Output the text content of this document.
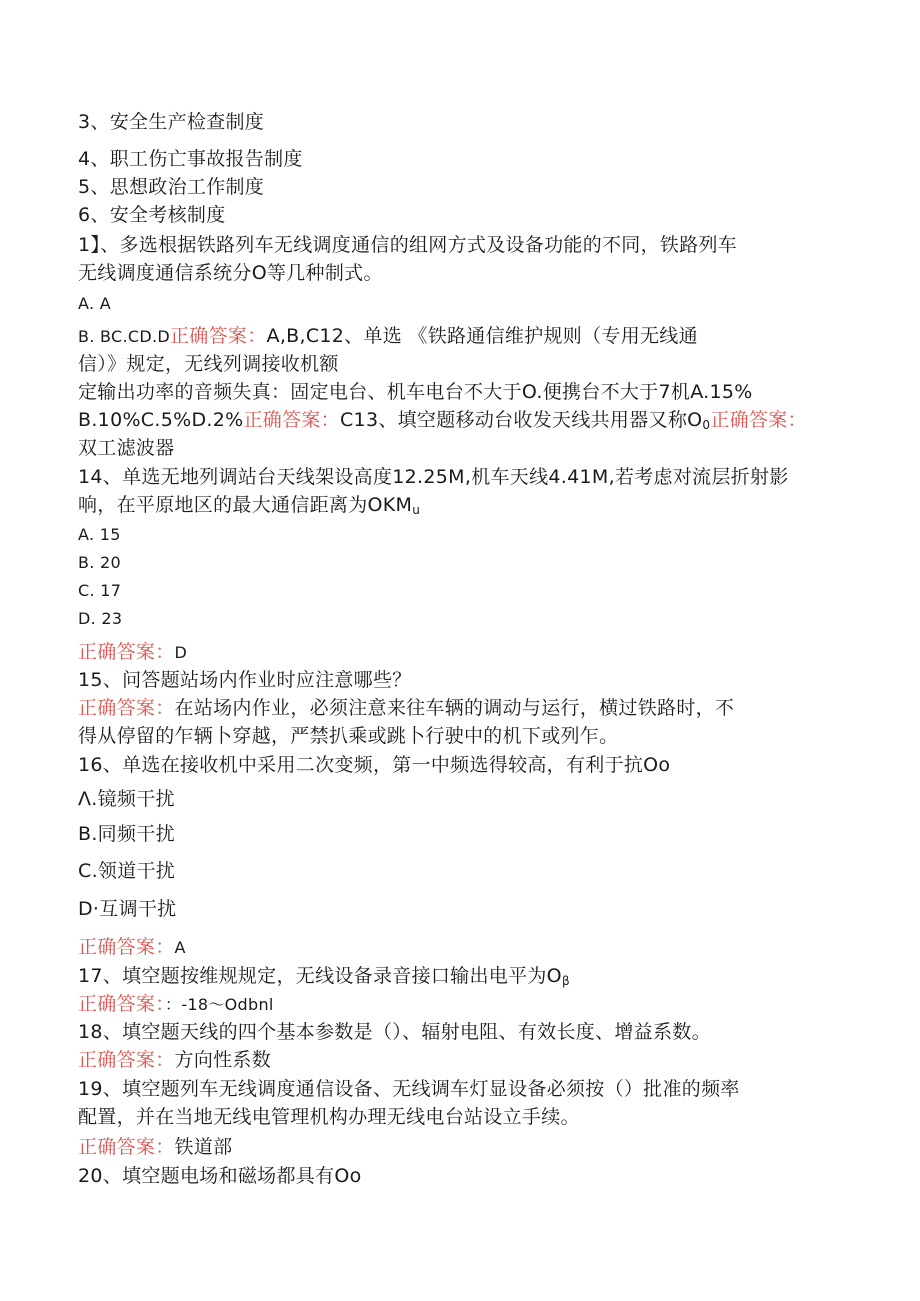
3、安全生产检查制度
4、职工伤亡事故报告制度
5、思想政治工作制度
6、安全考核制度
1】、多选根据铁路列车无线调度通信的组网方式及设备功能的不同，铁路列车
无线调度通信系统分O等几种制式。
A. A
B. BC.CD.D正确答案：A,B,C12、单选 《铁路通信维护规则（专用无线通
信）》规定，无线列调接收机额
定输出功率的音频失真：固定电台、机车电台不大于O.便携台不大于7机A.15%
B.10%C.5%D.2%正确答案：C13、填空题移动台收发天线共用器又称$O_0$正确答案：
双工滤波器
14、单选无地列调站台天线架设高度12.25M,机车天线4.41M,若考虑对流层折射影
响，在平原地区的最大通信距离为$OKM_u$
A. 15
B. 20
C. 17
D. 23
正确答案：D
15、问答题站场内作业时应注意哪些？
正确答案：在站场内作业，必须注意来往车辆的调动与运行，横过铁路时，不
得从停留的乍辆卜穿越，严禁扒乘或跳卜行驶中的机下或列乍。
16、单选在接收机中采用二次变频，第一中频选得较高，有利于抗Oo
Λ.镜频干扰
B.同频干扰
C.领道干扰
D·互调干扰
正确答案：A
17、填空题按维规规定，无线设备录音接口输出电平为$O_\beta$
正确答案：：-18～Odbnl
18、填空题天线的四个基本参数是（）、辐射电阻、有效长度、增益系数。
正确答案：方向性系数
19、填空题列车无线调度通信设备、无线调车灯显设备必须按（）批准的频率
配置，并在当地无线电管理机构办理无线电台站设立手续。
正确答案：铁道部
20、填空题电场和磁场都具有Oo
